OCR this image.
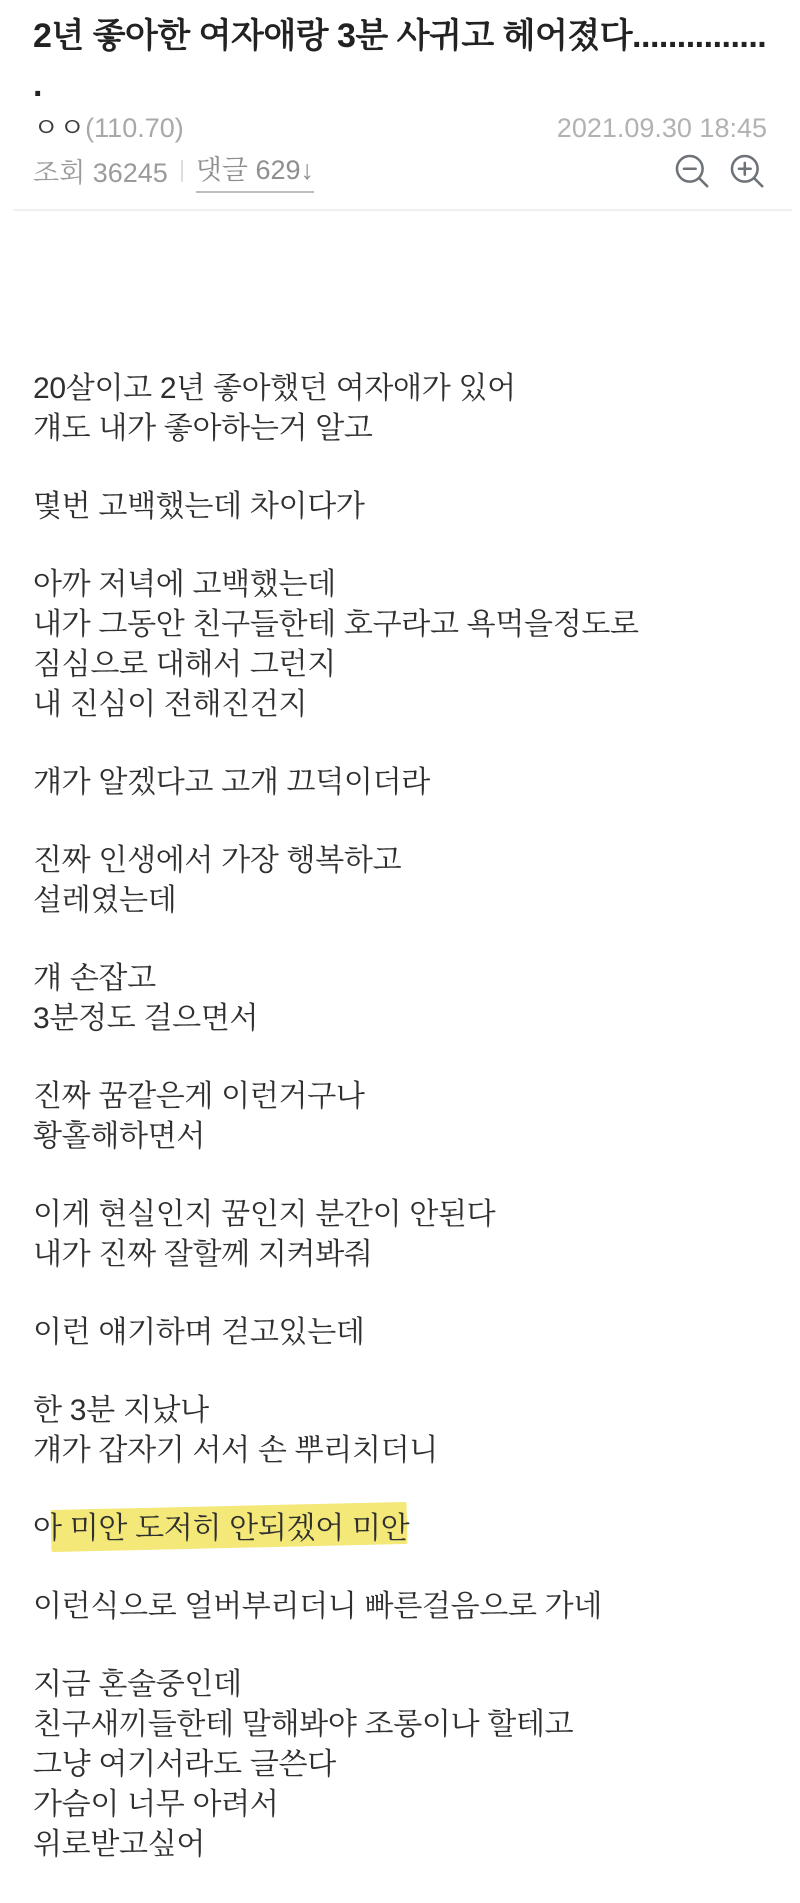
2년 좋아한 여자애랑 3분 사귀고 헤어졌다...............
.
ㅇㅇ(110.70)	2021.09.30 18:45
조회 36245 댓글 629↓

20살이고 2년 좋아했던 여자애가 있어
걔도 내가 좋아하는거 알고

몇번 고백했는데 차이다가

아까 저녁에 고백했는데
내가 그동안 친구들한테 호구라고 욕먹을정도로
짐심으로 대해서 그런지
내 진심이 전해진건지

걔가 알겠다고 고개 끄덕이더라

진짜 인생에서 가장 행복하고
설레였는데

걔 손잡고
3분정도 걸으면서

진짜 꿈같은게 이런거구나
황홀해하면서

이게 현실인지 꿈인지 분간이 안된다
내가 진짜 잘할께 지켜봐줘

이런 얘기하며 걷고있는데

한 3분 지났나
걔가 갑자기 서서 손 뿌리치더니

아 미안 도저히 안되겠어 미안

이런식으로 얼버부리더니 빠른걸음으로 가네

지금 혼술중인데
친구새끼들한테 말해봐야 조롱이나 할테고
그냥 여기서라도 글쓴다
가슴이 너무 아려서
위로받고싶어
